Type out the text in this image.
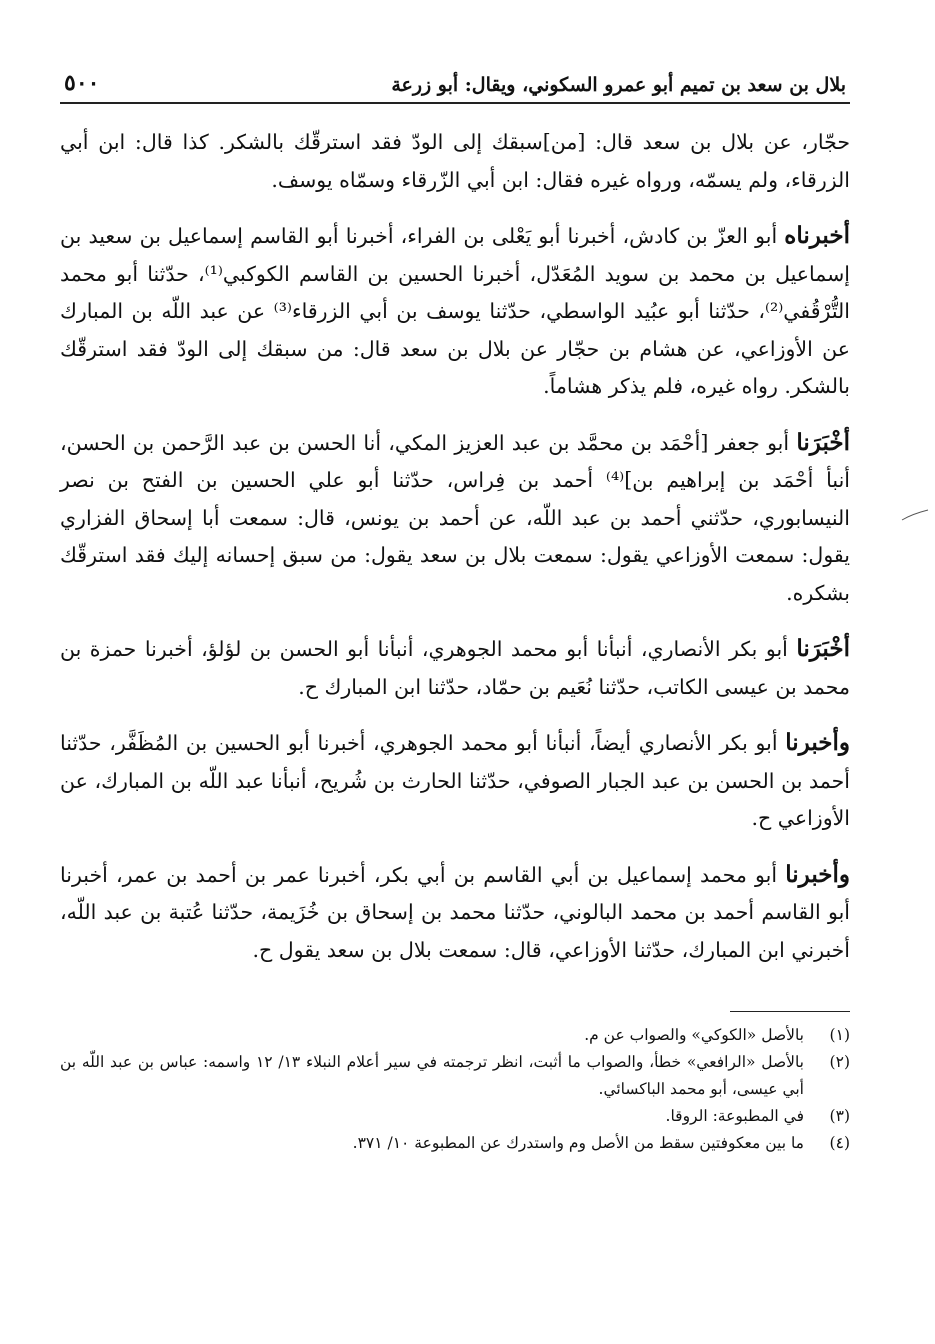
بلال بن سعد بن تميم أبو عمرو السكوني، ويقال: أبو زرعة
٥٠٠

حجّار، عن بلال بن سعد قال: [من]سبقك إلى الودّ فقد استرقّك بالشكر. كذا قال: ابن أبي الزرقاء، ولم يسمّه، ورواه غيره فقال: ابن أبي الزّرقاء وسمّاه يوسف.

أخبرناه أبو العزّ بن كادش، أخبرنا أبو يَعْلى بن الفراء، أخبرنا أبو القاسم إسماعيل بن سعيد بن إسماعيل بن محمد بن سويد المُعَدّل، أخبرنا الحسين بن القاسم الكوكبي⁽¹⁾، حدّثنا أبو محمد التُّرْقُفي⁽²⁾، حدّثنا أبو عبُيد الواسطي، حدّثنا يوسف بن أبي الزرقاء⁽³⁾ عن عبد اللّه بن المبارك عن الأوزاعي، عن هشام بن حجّار عن بلال بن سعد قال: من سبقك إلى الودّ فقد استرقّك بالشكر. رواه غيره، فلم يذكر هشاماً.

أخْبَرَنا أبو جعفر [أحْمَد بن محمَّد بن عبد العزيز المكي، أنا الحسن بن عبد الرَّحمن بن الحسن، أنبأ أحْمَد بن إبراهيم بن]⁽⁴⁾ أحمد بن فِراس، حدّثنا أبو علي الحسين بن الفتح بن نصر النيسابوري، حدّثني أحمد بن عبد اللّه، عن أحمد بن يونس، قال: سمعت أبا إسحاق الفزاري يقول: سمعت الأوزاعي يقول: سمعت بلال بن سعد يقول: من سبق إحسانه إليك فقد استرقّك بشكره.

أخْبَرَنا أبو بكر الأنصاري، أنبأنا أبو محمد الجوهري، أنبأنا أبو الحسن بن لؤلؤ، أخبرنا حمزة بن محمد بن عيسى الكاتب، حدّثنا نُعَيم بن حمّاد، حدّثنا ابن المبارك ح.

وأخبرنا أبو بكر الأنصاري أيضاً، أنبأنا أبو محمد الجوهري، أخبرنا أبو الحسين بن المُظَفَّر، حدّثنا أحمد بن الحسن بن عبد الجبار الصوفي، حدّثنا الحارث بن شُريح، أنبأنا عبد اللّه بن المبارك، عن الأوزاعي ح.

وأخبرنا أبو محمد إسماعيل بن أبي القاسم بن أبي بكر، أخبرنا عمر بن أحمد بن عمر، أخبرنا أبو القاسم أحمد بن محمد البالوني، حدّثنا محمد بن إسحاق بن خُزَيمة، حدّثنا عُتبة بن عبد اللّه، أخبرني ابن المبارك، حدّثنا الأوزاعي، قال: سمعت بلال بن سعد يقول ح.

(١)
بالأصل «الكوكي» والصواب عن م.
(٢)
بالأصل «الرافعي» خطأ، والصواب ما أثبت، انظر ترجمته في سير أعلام النبلاء ١٣/ ١٢ واسمه: عباس بن عبد اللّه بن أبي عيسى، أبو محمد الباكسائي.
(٣)
في المطبوعة: الروقا.
(٤)
ما بين معكوفتين سقط من الأصل وم واستدرك عن المطبوعة ١٠/ ٣٧١.
